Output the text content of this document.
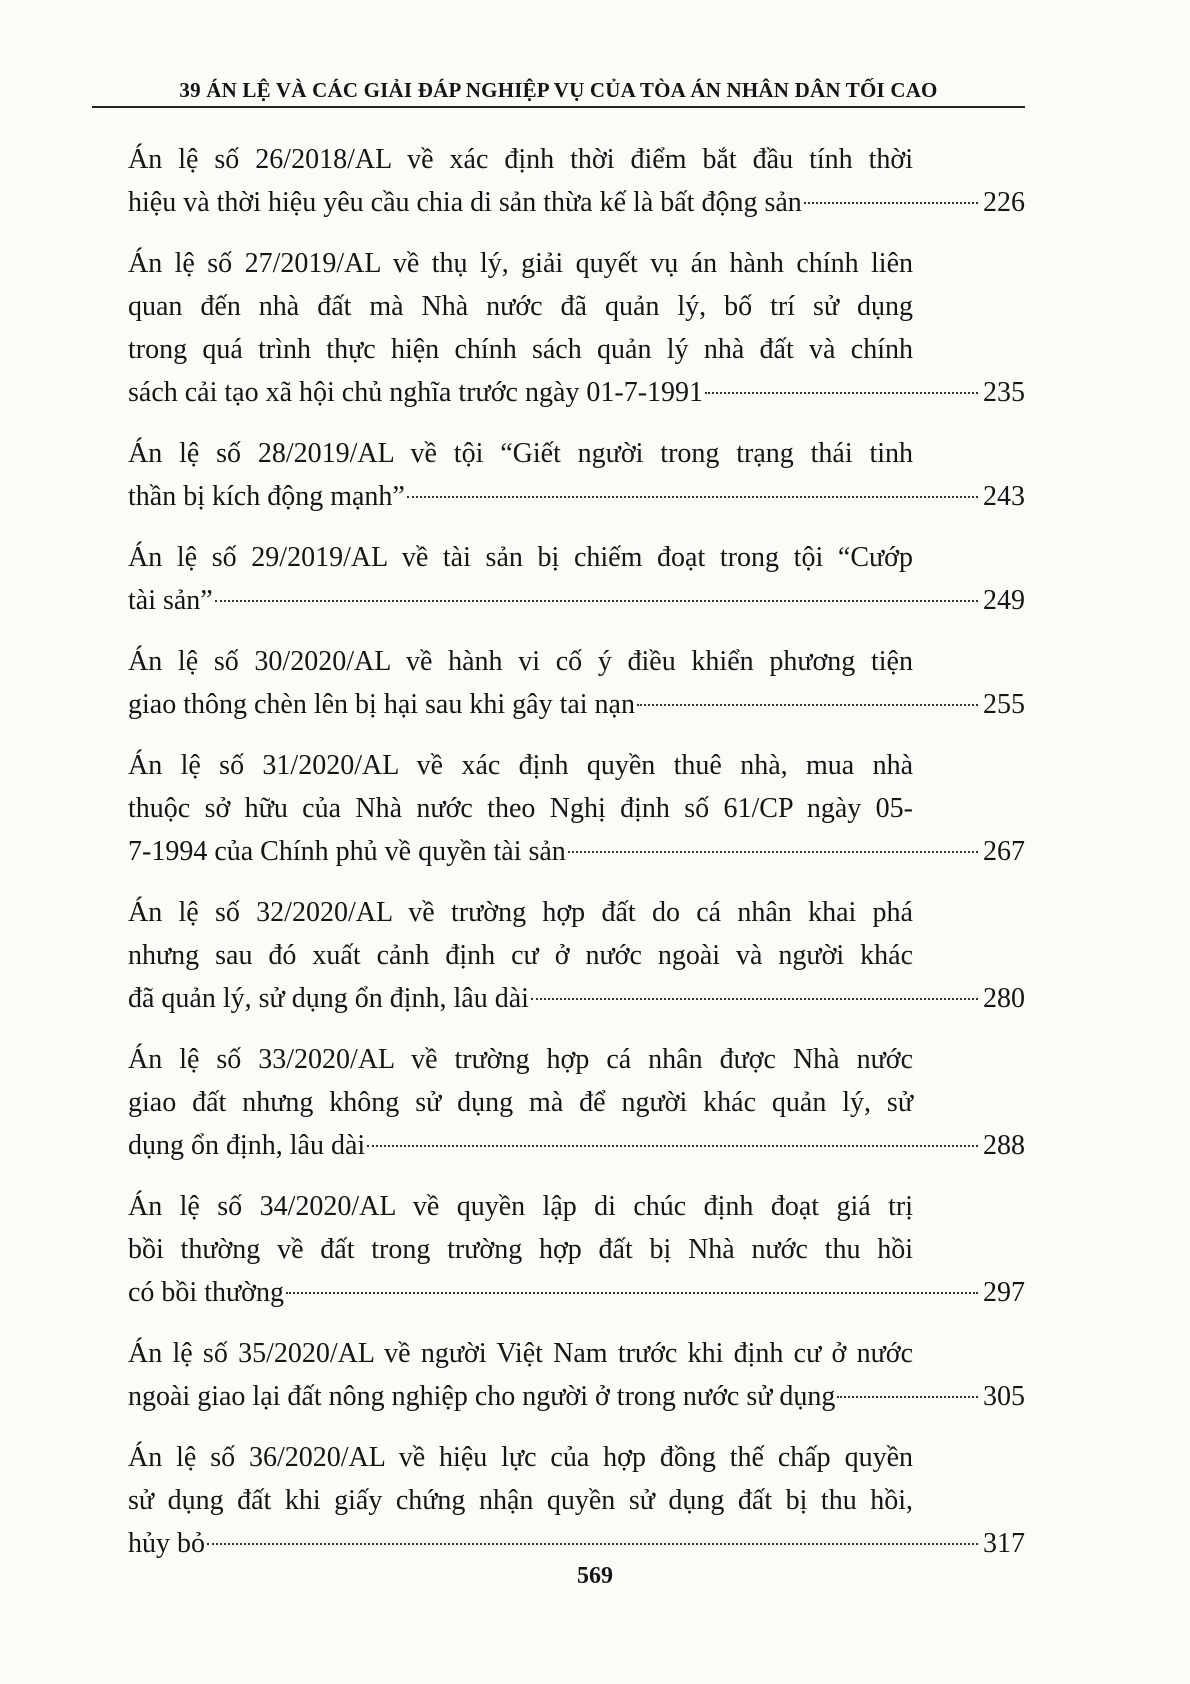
39 ÁN LỆ VÀ CÁC GIẢI ĐÁP NGHIỆP VỤ CỦA TÒA ÁN NHÂN DÂN TỐI CAO
Án lệ số 26/2018/AL về xác định thời điểm bắt đầu tính thời
hiệu và thời hiệu yêu cầu chia di sản thừa kế là bất động sản	226
Án lệ số 27/2019/AL về thụ lý, giải quyết vụ án hành chính liên
quan đến nhà đất mà Nhà nước đã quản lý, bố trí sử dụng
trong quá trình thực hiện chính sách quản lý nhà đất và chính
sách cải tạo xã hội chủ nghĩa trước ngày 01-7-1991	235
Án lệ số 28/2019/AL về tội “Giết người trong trạng thái tinh
thần bị kích động mạnh”	243
Án lệ số 29/2019/AL về tài sản bị chiếm đoạt trong tội “Cướp
tài sản”	249
Án lệ số 30/2020/AL về hành vi cố ý điều khiển phương tiện
giao thông chèn lên bị hại sau khi gây tai nạn	255
Án lệ số 31/2020/AL về xác định quyền thuê nhà, mua nhà
thuộc sở hữu của Nhà nước theo Nghị định số 61/CP ngày 05-
7-1994 của Chính phủ về quyền tài sản	267
Án lệ số 32/2020/AL về trường hợp đất do cá nhân khai phá
nhưng sau đó xuất cảnh định cư ở nước ngoài và người khác
đã quản lý, sử dụng ổn định, lâu dài	280
Án lệ số 33/2020/AL về trường hợp cá nhân được Nhà nước
giao đất nhưng không sử dụng mà để người khác quản lý, sử
dụng ổn định, lâu dài	288
Án lệ số 34/2020/AL về quyền lập di chúc định đoạt giá trị
bồi thường về đất trong trường hợp đất bị Nhà nước thu hồi
có bồi thường	297
Án lệ số 35/2020/AL về người Việt Nam trước khi định cư ở nước
ngoài giao lại đất nông nghiệp cho người ở trong nước sử dụng	305
Án lệ số 36/2020/AL về hiệu lực của hợp đồng thế chấp quyền
sử dụng đất khi giấy chứng nhận quyền sử dụng đất bị thu hồi,
hủy bỏ	317
569
